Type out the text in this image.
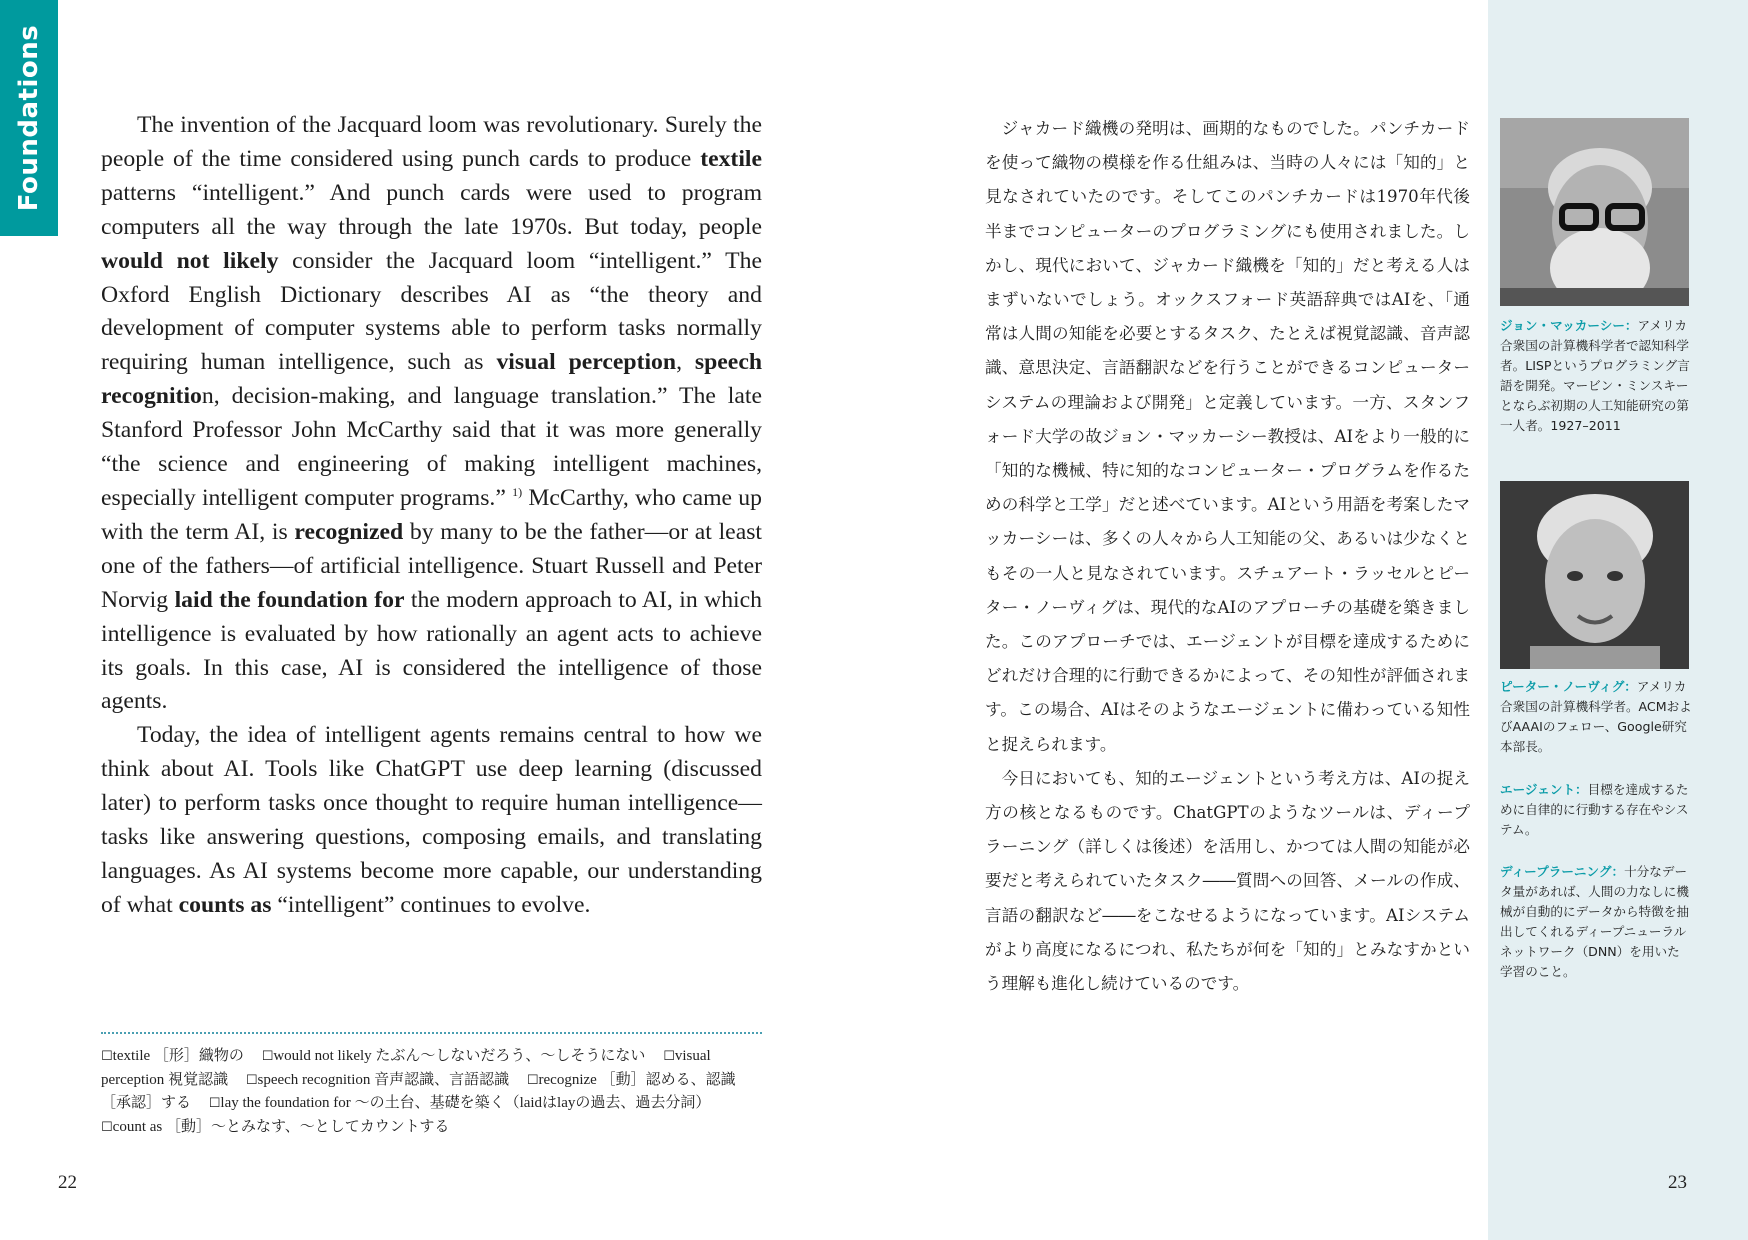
Foundations	The invention of the Jacquard loom was revolutionary. Surely the people of the time considered using punch cards to produce textile patterns “intelligent.” And punch cards were used to program computers all the way through the late 1970s. But today, people would not likely consider the Jacquard loom “intelligent.” The Oxford English Dictionary describes AI as “the theory and development of computer systems able to perform tasks normally requiring human intelligence, such as visual perception, speech recognition, decision-making, and language translation.” The late Stanford Professor John McCarthy said that it was more generally “the science and engineering of making intelligent machines, especially intelligent computer programs.” $^{1)}$ McCarthy, who came up with the term AI, is recognized by many to be the father—or at least one of the fathers—of artificial intelligence. Stuart Russell and Peter Norvig laid the foundation for the modern approach to AI, in which intelligence is evaluated by how rationally an agent acts to achieve its goals. In this case, AI is considered the intelligence of those agents.

Today, the idea of intelligent agents remains central to how we think about AI. Tools like ChatGPT use deep learning (discussed later) to perform tasks once thought to require human intelligence—tasks like answering questions, composing emails, and translating languages. As AI systems become more capable, our understanding of what counts as “intelligent” continues to evolve.

☐textile ［形］織物の ☐would not likely たぶん〜しないだろう、〜しそうにない ☐visual perception 視覚認識 ☐speech recognition 音声認識、言語認識 ☐recognize ［動］認める、認識［承認］する ☐lay the foundation for 〜の土台、基礎を築く（laidはlayの過去、過去分詞） ☐count as ［動］〜とみなす、〜としてカウントする
22

ジャカード織機の発明は、画期的なものでした。パンチカードを使って織物の模様を作る仕組みは、当時の人々には「知的」と見なされていたのです。そしてこのパンチカードは1970年代後半までコンピューターのプログラミングにも使用されました。しかし、現代において、ジャカード織機を「知的」だと考える人はまずいないでしょう。オックスフォード英語辞典ではAIを、「通常は人間の知能を必要とするタスク、たとえば視覚認識、音声認識、意思決定、言語翻訳などを行うことができるコンピューターシステムの理論および開発」と定義しています。一方、スタンフォード大学の故ジョン・マッカーシー教授は、AIをより一般的に「知的な機械、特に知的なコンピューター・プログラムを作るための科学と工学」だと述べています。AIという用語を考案したマッカーシーは、多くの人々から人工知能の父、あるいは少なくともその一人と見なされています。スチュアート・ラッセルとピーター・ノーヴィグは、現代的なAIのアプローチの基礎を築きました。このアプローチでは、エージェントが目標を達成するためにどれだけ合理的に行動できるかによって、その知性が評価されます。この場合、AIはそのようなエージェントに備わっている知性と捉えられます。

今日においても、知的エージェントという考え方は、AIの捉え方の核となるものです。ChatGPTのようなツールは、ディープラーニング（詳しくは後述）を活用し、かつては人間の知能が必要だと考えられていたタスク――質問への回答、メールの作成、言語の翻訳など――をこなせるようになっています。AIシステムがより高度になるにつれ、私たちが何を「知的」とみなすかという理解も進化し続けているのです。

ジョン・マッカーシー：アメリカ合衆国の計算機科学者で認知科学者。LISPというプログラミング言語を開発。マービン・ミンスキーとならぶ初期の人工知能研究の第一人者。1927–2011
ピーター・ノーヴィグ：アメリカ合衆国の計算機科学者。ACMおよびAAAIのフェロー、Google研究本部長。
エージェント：目標を達成するために自律的に行動する存在やシステム。
ディープラーニング：十分なデータ量があれば、人間の力なしに機械が自動的にデータから特徴を抽出してくれるディープニューラルネットワーク（DNN）を用いた学習のこと。
23
